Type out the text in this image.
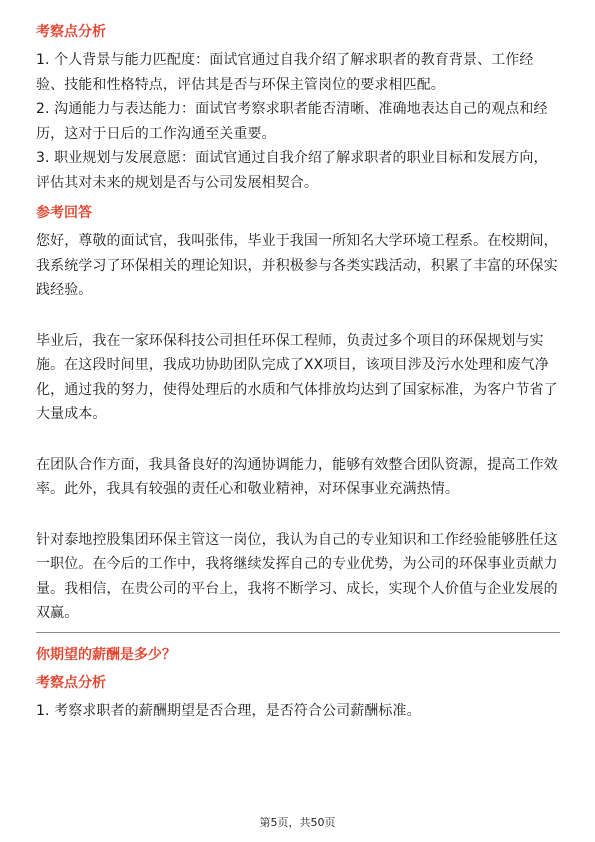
考察点分析

1. 个人背景与能力匹配度：面试官通过自我介绍了解求职者的教育背景、工作经验、技能和性格特点，评估其是否与环保主管岗位的要求相匹配。

2. 沟通能力与表达能力：面试官考察求职者能否清晰、准确地表达自己的观点和经历，这对于日后的工作沟通至关重要。

3. 职业规划与发展意愿：面试官通过自我介绍了解求职者的职业目标和发展方向，评估其对未来的规划是否与公司发展相契合。

参考回答

您好，尊敬的面试官，我叫张伟，毕业于我国一所知名大学环境工程系。在校期间，我系统学习了环保相关的理论知识，并积极参与各类实践活动，积累了丰富的环保实践经验。

毕业后，我在一家环保科技公司担任环保工程师，负责过多个项目的环保规划与实施。在这段时间里，我成功协助团队完成了XX项目，该项目涉及污水处理和废气净化，通过我的努力，使得处理后的水质和气体排放均达到了国家标准，为客户节省了大量成本。

在团队合作方面，我具备良好的沟通协调能力，能够有效整合团队资源，提高工作效率。此外，我具有较强的责任心和敬业精神，对环保事业充满热情。

针对泰地控股集团环保主管这一岗位，我认为自己的专业知识和工作经验能够胜任这一职位。在今后的工作中，我将继续发挥自己的专业优势，为公司的环保事业贡献力量。我相信，在贵公司的平台上，我将不断学习、成长，实现个人价值与企业发展的双赢。

你期望的薪酬是多少？
考察点分析

1. 考察求职者的薪酬期望是否合理，是否符合公司薪酬标准。

第5页，共50页
